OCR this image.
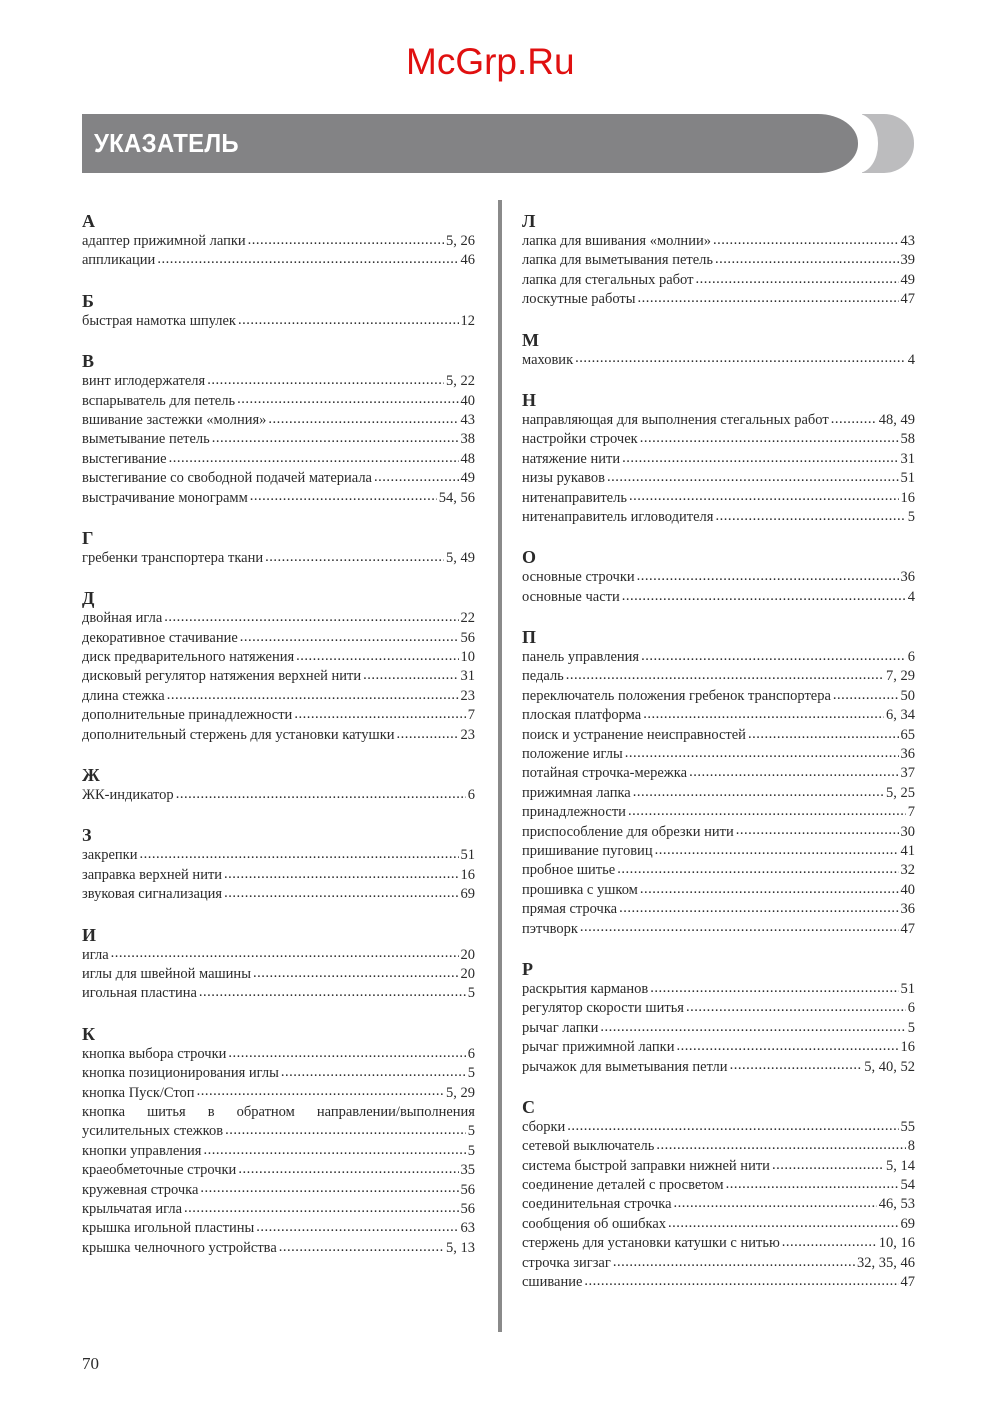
УКАЗАТЕЛЬ
А
адаптер прижимной лапки .....	5, 26
аппликации .....	46
Б
быстрая намотка шпулек .....	12
В
винт иглодержателя .....	5, 22
вспарыватель для петель .....	40
вшивание застежки «молния» .....	43
выметывание петель .....	38
выстегивание .....	48
выстегивание со свободной подачей материала .....	49
выстрачивание монограмм .....	54, 56
Г
гребенки транспортера ткани .....	5, 49
Д
двойная игла .....	22
декоративное стачивание .....	56
диск предварительного натяжения .....	10
дисковый регулятор натяжения верхней нити .....	31
длина стежка .....	23
дополнительные принадлежности .....	7
дополнительный стержень для установки катушки .....	23
Ж
ЖК-индикатор .....	6
З
закрепки .....	51
заправка верхней нити .....	16
звуковая сигнализация .....	69
И
игла .....	20
иглы для швейной машины .....	20
игольная пластина .....	5
К
кнопка выбора строчки .....	6
кнопка позиционирования иглы .....	5
кнопка Пуск/Стоп .....	5, 29
кнопка шитья в обратном направлении/выполнения
усилительных стежков .....	5
кнопки управления .....	5
краеобметочные строчки .....	35
кружевная строчка .....	56
крыльчатая игла .....	56
крышка игольной пластины .....	63
крышка челночного устройства .....	5, 13
Л
лапка для вшивания «молнии» .....	43
лапка для выметывания петель .....	39
лапка для стегальных работ .....	49
лоскутные работы .....	47
М
маховик .....	4
Н
направляющая для выполнения стегальных работ .....	48, 49
настройки строчек .....	58
натяжение нити .....	31
низы рукавов .....	51
нитенаправитель .....	16
нитенаправитель игловодителя .....	5
О
основные строчки .....	36
основные части .....	4
П
панель управления .....	6
педаль .....	7, 29
переключатель положения гребенок транспортера .....	50
плоская платформа .....	6, 34
поиск и устранение неисправностей .....	65
положение иглы .....	36
потайная строчка-мережка .....	37
прижимная лапка .....	5, 25
принадлежности .....	7
приспособление для обрезки нити .....	30
пришивание пуговиц .....	41
пробное шитье .....	32
прошивка с ушком .....	40
прямая строчка .....	36
пэтчворк .....	47
Р
раскрытия карманов .....	51
регулятор скорости шитья .....	6
рычаг лапки .....	5
рычаг прижимной лапки .....	16
рычажок для выметывания петли .....	5, 40, 52
С
сборки .....	55
сетевой выключатель .....	8
система быстрой заправки нижней нити .....	5, 14
соединение деталей с просветом .....	54
соединительная строчка .....	46, 53
сообщения об ошибках .....	69
стержень для установки катушки с нитью .....	10, 16
строчка зигзаг .....	32, 35, 46
сшивание .....	47
McGrp.Ru
70
